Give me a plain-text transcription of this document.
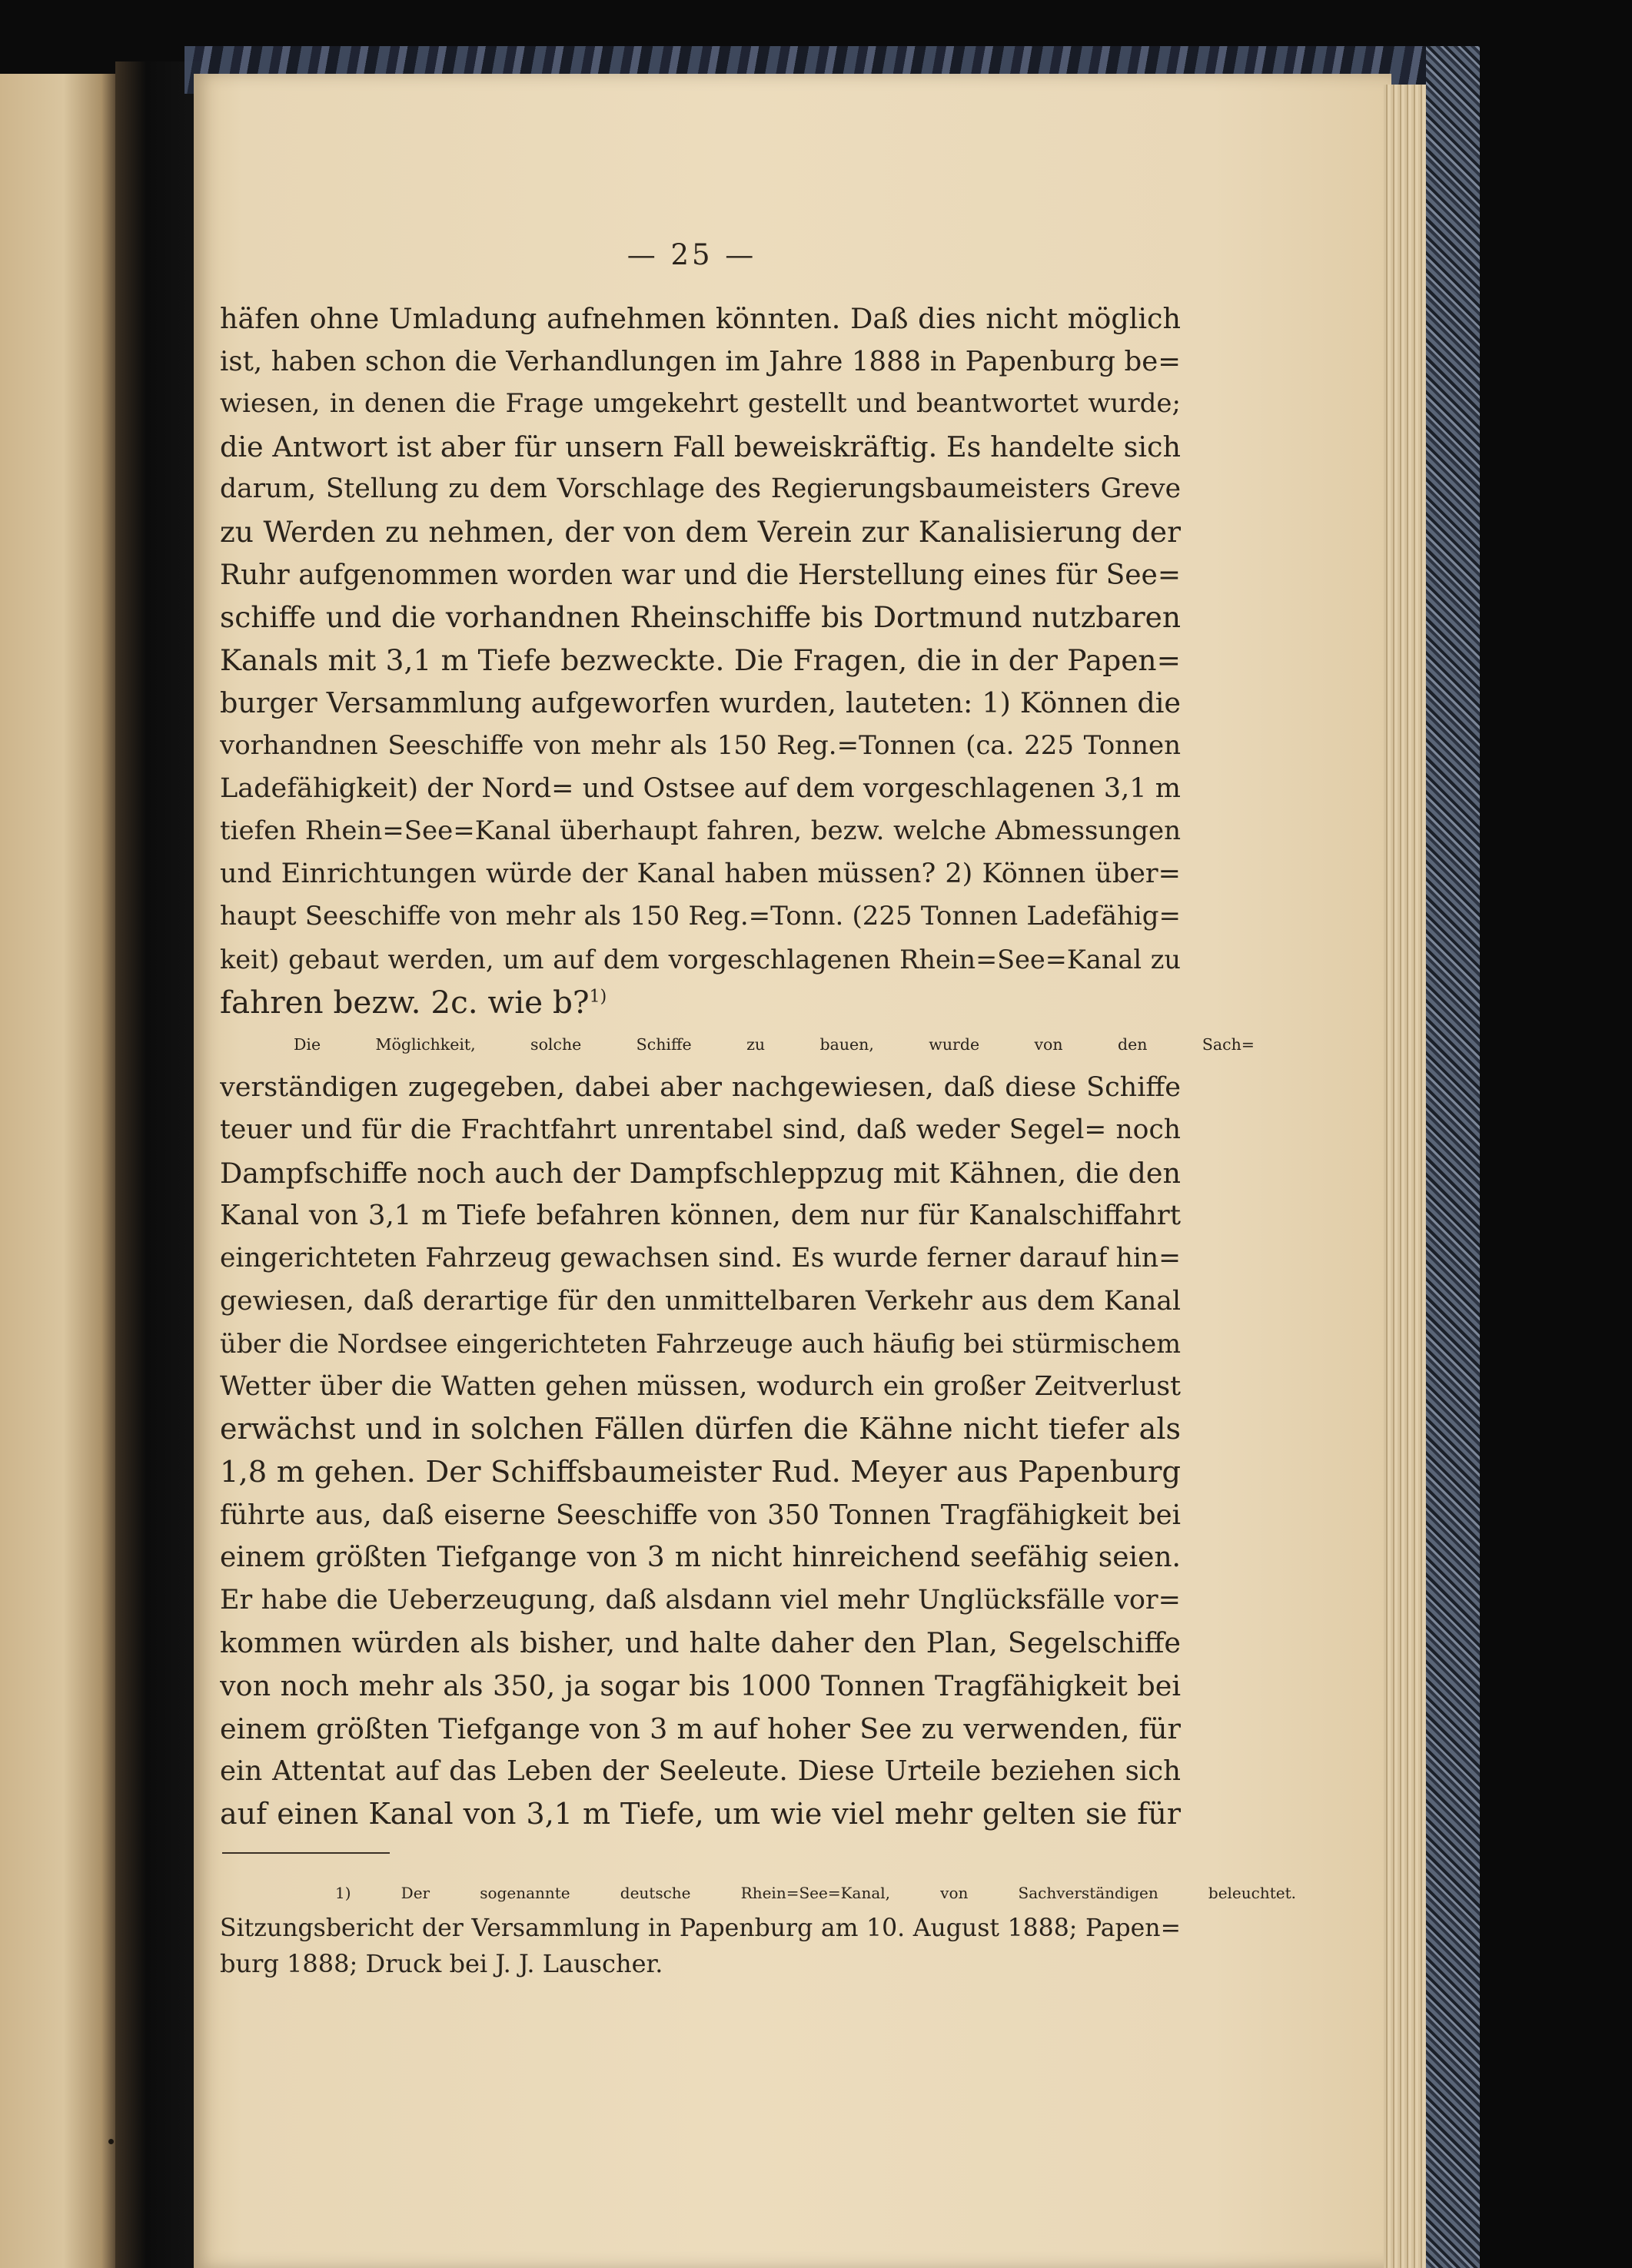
— 25 —
häfen ohne Umladung aufnehmen könnten. Daß dies nicht möglich
ist, haben schon die Verhandlungen im Jahre 1888 in Papenburg be=
wiesen, in denen die Frage umgekehrt gestellt und beantwortet wurde;
die Antwort ist aber für unsern Fall beweiskräftig. Es handelte sich
darum, Stellung zu dem Vorschlage des Regierungsbaumeisters Greve
zu Werden zu nehmen, der von dem Verein zur Kanalisierung der
Ruhr aufgenommen worden war und die Herstellung eines für See=
schiffe und die vorhandnen Rheinschiffe bis Dortmund nutzbaren
Kanals mit 3,1 m Tiefe bezweckte. Die Fragen, die in der Papen=
burger Versammlung aufgeworfen wurden, lauteten: 1) Können die
vorhandnen Seeschiffe von mehr als 150 Reg.=Tonnen (ca. 225 Tonnen
Ladefähigkeit) der Nord= und Ostsee auf dem vorgeschlagenen 3,1 m
tiefen Rhein=See=Kanal überhaupt fahren, bezw. welche Abmessungen
und Einrichtungen würde der Kanal haben müssen? 2) Können über=
haupt Seeschiffe von mehr als 150 Reg.=Tonn. (225 Tonnen Ladefähig=
keit) gebaut werden, um auf dem vorgeschlagenen Rhein=See=Kanal zu
fahren bezw. 2c. wie b?$^{1)}$
Die Möglichkeit, solche Schiffe zu bauen, wurde von den Sach=
verständigen zugegeben, dabei aber nachgewiesen, daß diese Schiffe
teuer und für die Frachtfahrt unrentabel sind, daß weder Segel= noch
Dampfschiffe noch auch der Dampfschleppzug mit Kähnen, die den
Kanal von 3,1 m Tiefe befahren können, dem nur für Kanalschiffahrt
eingerichteten Fahrzeug gewachsen sind. Es wurde ferner darauf hin=
gewiesen, daß derartige für den unmittelbaren Verkehr aus dem Kanal
über die Nordsee eingerichteten Fahrzeuge auch häufig bei stürmischem
Wetter über die Watten gehen müssen, wodurch ein großer Zeitverlust
erwächst und in solchen Fällen dürfen die Kähne nicht tiefer als
1,8 m gehen. Der Schiffsbaumeister Rud. Meyer aus Papenburg
führte aus, daß eiserne Seeschiffe von 350 Tonnen Tragfähigkeit bei
einem größten Tiefgange von 3 m nicht hinreichend seefähig seien.
Er habe die Ueberzeugung, daß alsdann viel mehr Unglücksfälle vor=
kommen würden als bisher, und halte daher den Plan, Segelschiffe
von noch mehr als 350, ja sogar bis 1000 Tonnen Tragfähigkeit bei
einem größten Tiefgange von 3 m auf hoher See zu verwenden, für
ein Attentat auf das Leben der Seeleute. Diese Urteile beziehen sich
auf einen Kanal von 3,1 m Tiefe, um wie viel mehr gelten sie für
1) Der sogenannte deutsche Rhein=See=Kanal, von Sachverständigen beleuchtet.
Sitzungsbericht der Versammlung in Papenburg am 10. August 1888; Papen=
burg 1888; Druck bei J. J. Lauscher.
